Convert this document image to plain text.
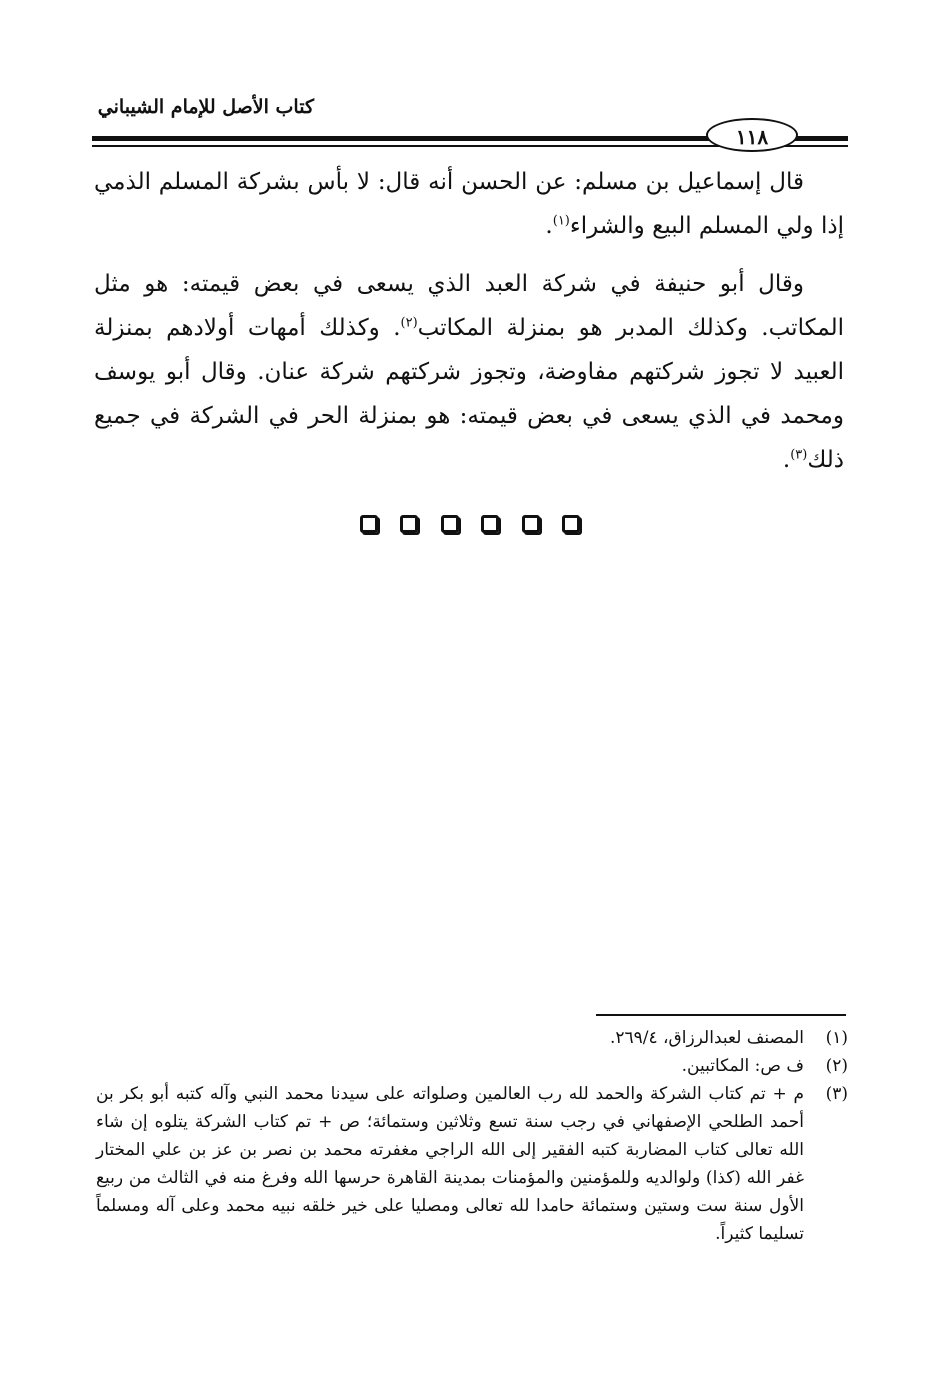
كتاب الأصل للإمام الشيباني
١١٨

قال إسماعيل بن مسلم: عن الحسن أنه قال: لا بأس بشركة المسلم الذمي إذا ولي المسلم البيع والشراء$^{(١)}$.

وقال أبو حنيفة في شركة العبد الذي يسعى في بعض قيمته: هو مثل المكاتب. وكذلك المدبر هو بمنزلة المكاتب$^{(٢)}$. وكذلك أمهات أولادهم بمنزلة العبيد لا تجوز شركتهم مفاوضة، وتجوز شركتهم شركة عنان. وقال أبو يوسف ومحمد في الذي يسعى في بعض قيمته: هو بمنزلة الحر في الشركة في جميع ذلك$^{(٣)}$.

(١)
المصنف لعبدالرزاق، ٢٦٩/٤.
(٢)
ف ص: المكاتبين.
(٣)
م + تم كتاب الشركة والحمد لله رب العالمين وصلواته على سيدنا محمد النبي وآله كتبه أبو بكر بن أحمد الطلحي الإصفهاني في رجب سنة تسع وثلاثين وستمائة؛ ص + تم كتاب الشركة يتلوه إن شاء الله تعالى كتاب المضاربة كتبه الفقير إلى الله الراجي مغفرته محمد بن نصر بن عز بن علي المختار غفر الله (كذا) ولوالديه وللمؤمنين والمؤمنات بمدينة القاهرة حرسها الله وفرغ منه في الثالث من ربيع الأول سنة ست وستين وستمائة حامدا لله تعالى ومصليا على خير خلقه نبيه محمد وعلى آله ومسلماً تسليما كثيراً.
